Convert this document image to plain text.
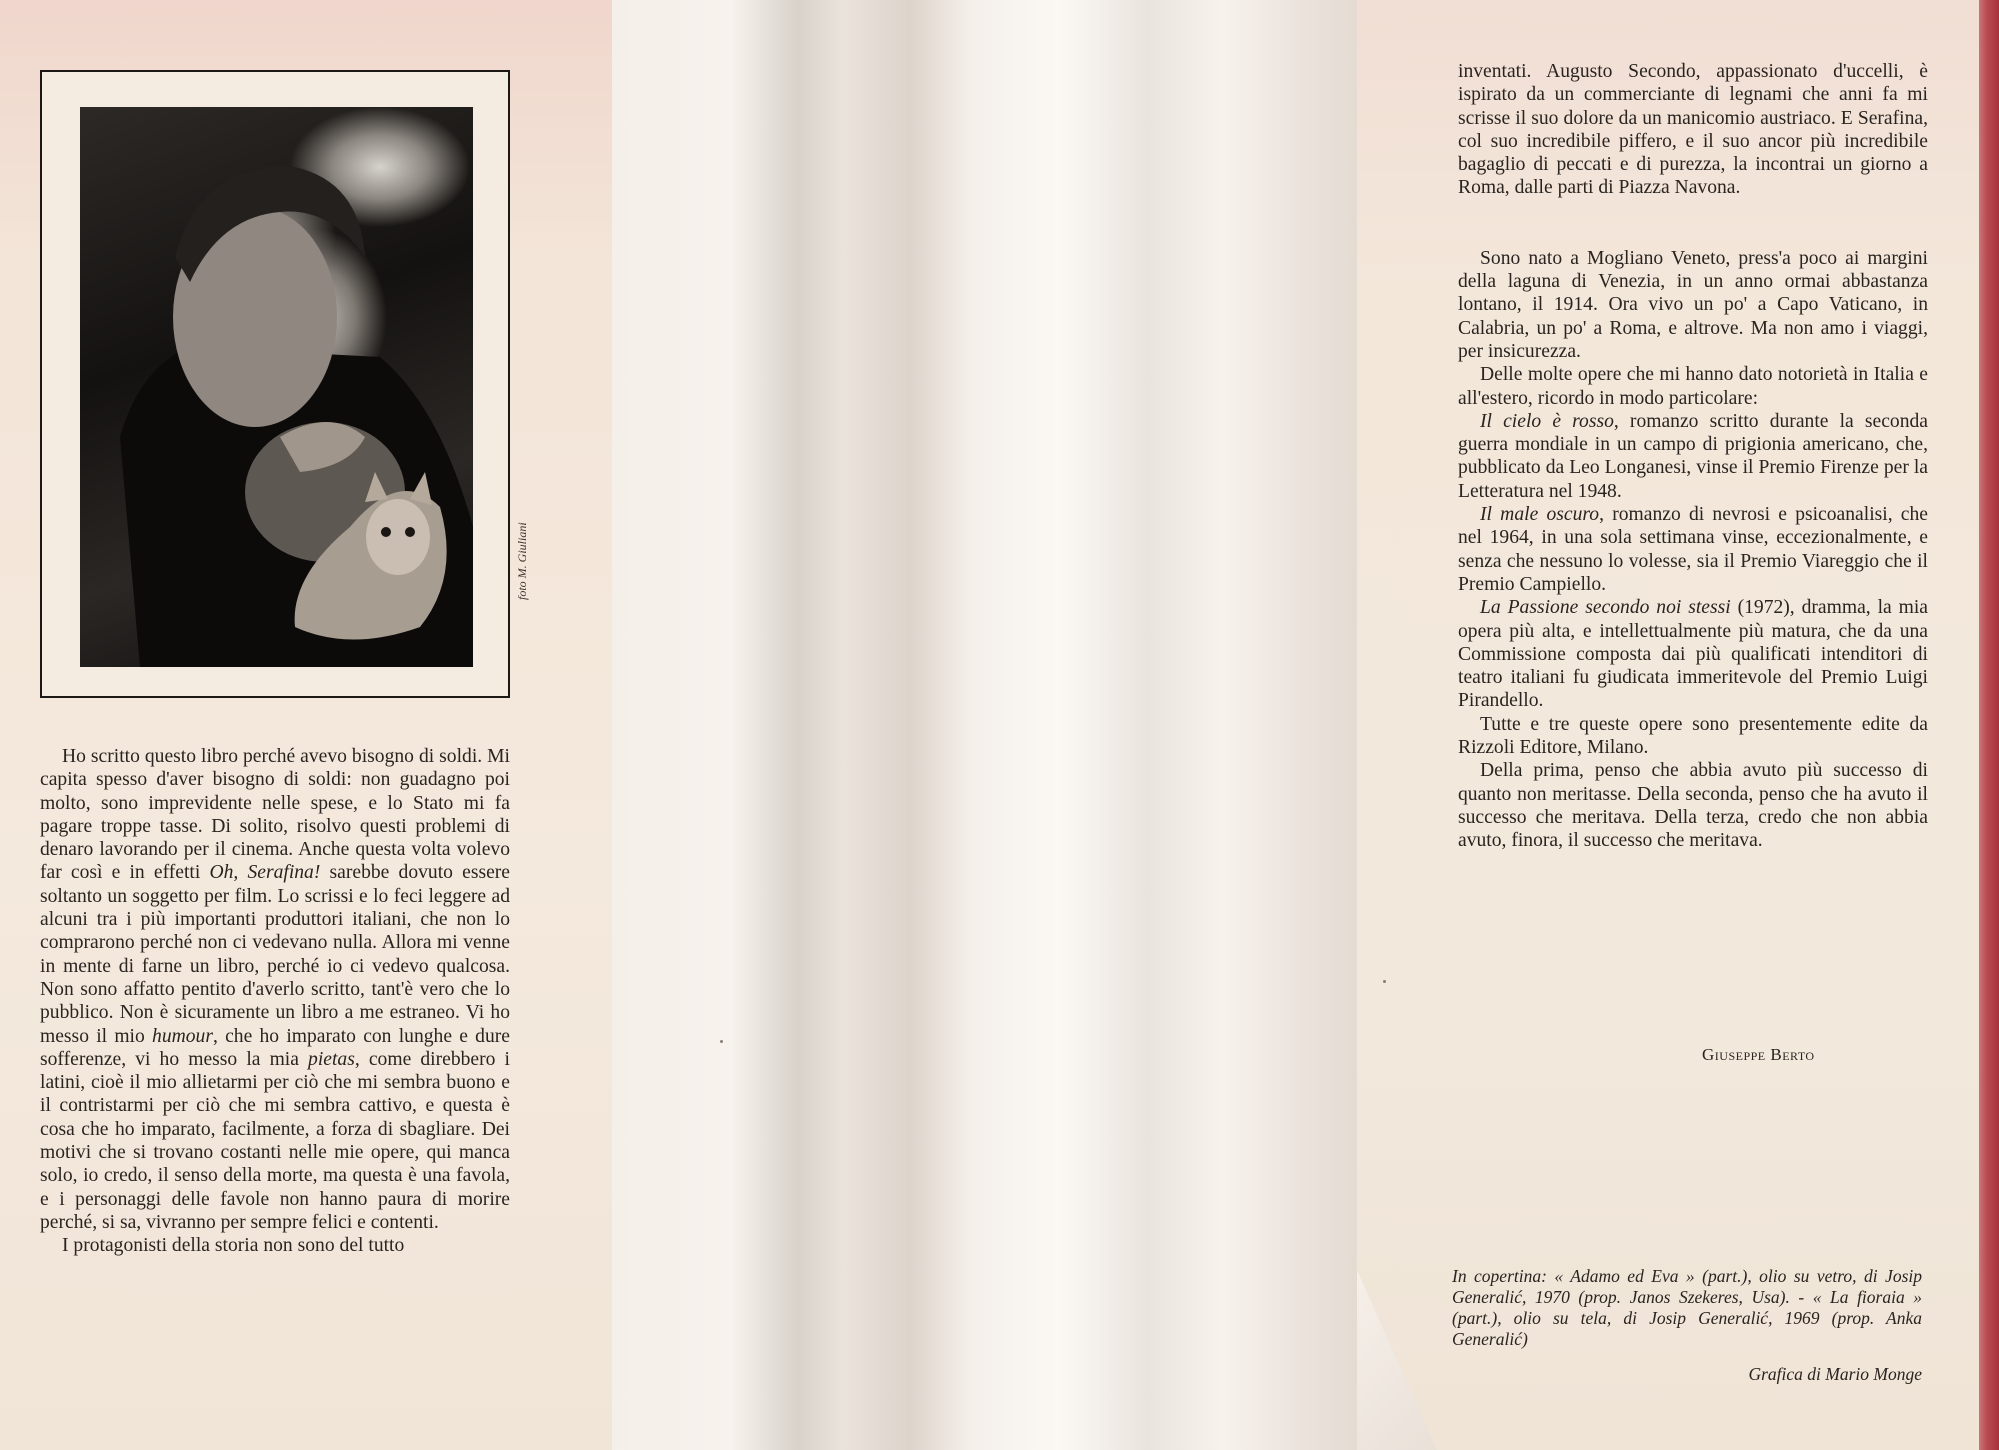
foto M. Giuliani

Ho scritto questo libro perché avevo bisogno di soldi. Mi capita spesso d'aver bisogno di soldi: non guadagno poi molto, sono imprevidente nelle spese, e lo Stato mi fa pagare troppe tasse. Di solito, risolvo questi problemi di denaro lavorando per il cinema. Anche questa volta volevo far così e in effetti Oh, Serafina! sarebbe dovuto essere soltanto un soggetto per film. Lo scrissi e lo feci leggere ad alcuni tra i più importanti produttori italiani, che non lo comprarono perché non ci vedevano nulla. Allora mi venne in mente di farne un libro, perché io ci vedevo qualcosa. Non sono affatto pentito d'averlo scritto, tant'è vero che lo pubblico. Non è sicuramente un libro a me estraneo. Vi ho messo il mio humour, che ho imparato con lunghe e dure sofferenze, vi ho messo la mia pietas, come direbbero i latini, cioè il mio allietarmi per ciò che mi sembra buono e il contristarmi per ciò che mi sembra cattivo, e questa è cosa che ho imparato, facilmente, a forza di sbagliare. Dei motivi che si trovano costanti nelle mie opere, qui manca solo, io credo, il senso della morte, ma questa è una favola, e i personaggi delle favole non hanno paura di morire perché, si sa, vivranno per sempre felici e contenti.

I protagonisti della storia non sono del tutto

inventati. Augusto Secondo, appassionato d'uccelli, è ispirato da un commerciante di legnami che anni fa mi scrisse il suo dolore da un manicomio austriaco. E Serafina, col suo incredibile piffero, e il suo ancor più incredibile bagaglio di peccati e di purezza, la incontrai un giorno a Roma, dalle parti di Piazza Navona.

Sono nato a Mogliano Veneto, press'a poco ai margini della laguna di Venezia, in un anno ormai abbastanza lontano, il 1914. Ora vivo un po' a Capo Vaticano, in Calabria, un po' a Roma, e altrove. Ma non amo i viaggi, per insicurezza.

Delle molte opere che mi hanno dato notorietà in Italia e all'estero, ricordo in modo particolare:

Il cielo è rosso, romanzo scritto durante la seconda guerra mondiale in un campo di prigionia americano, che, pubblicato da Leo Longanesi, vinse il Premio Firenze per la Letteratura nel 1948.

Il male oscuro, romanzo di nevrosi e psicoanalisi, che nel 1964, in una sola settimana vinse, eccezionalmente, e senza che nessuno lo volesse, sia il Premio Viareggio che il Premio Campiello.

La Passione secondo noi stessi (1972), dramma, la mia opera più alta, e intellettualmente più matura, che da una Commissione composta dai più qualificati intenditori di teatro italiani fu giudicata immeritevole del Premio Luigi Pirandello.

Tutte e tre queste opere sono presentemente edite da Rizzoli Editore, Milano.

Della prima, penso che abbia avuto più successo di quanto non meritasse. Della seconda, penso che ha avuto il successo che meritava. Della terza, credo che non abbia avuto, finora, il successo che meritava.

Giuseppe Berto
In copertina: « Adamo ed Eva » (part.), olio su vetro, di Josip Generalić, 1970 (prop. Janos Szekeres, Usa). - « La fioraia » (part.), olio su tela, di Josip Generalić, 1969 (prop. Anka Generalić)
Grafica di Mario Monge
